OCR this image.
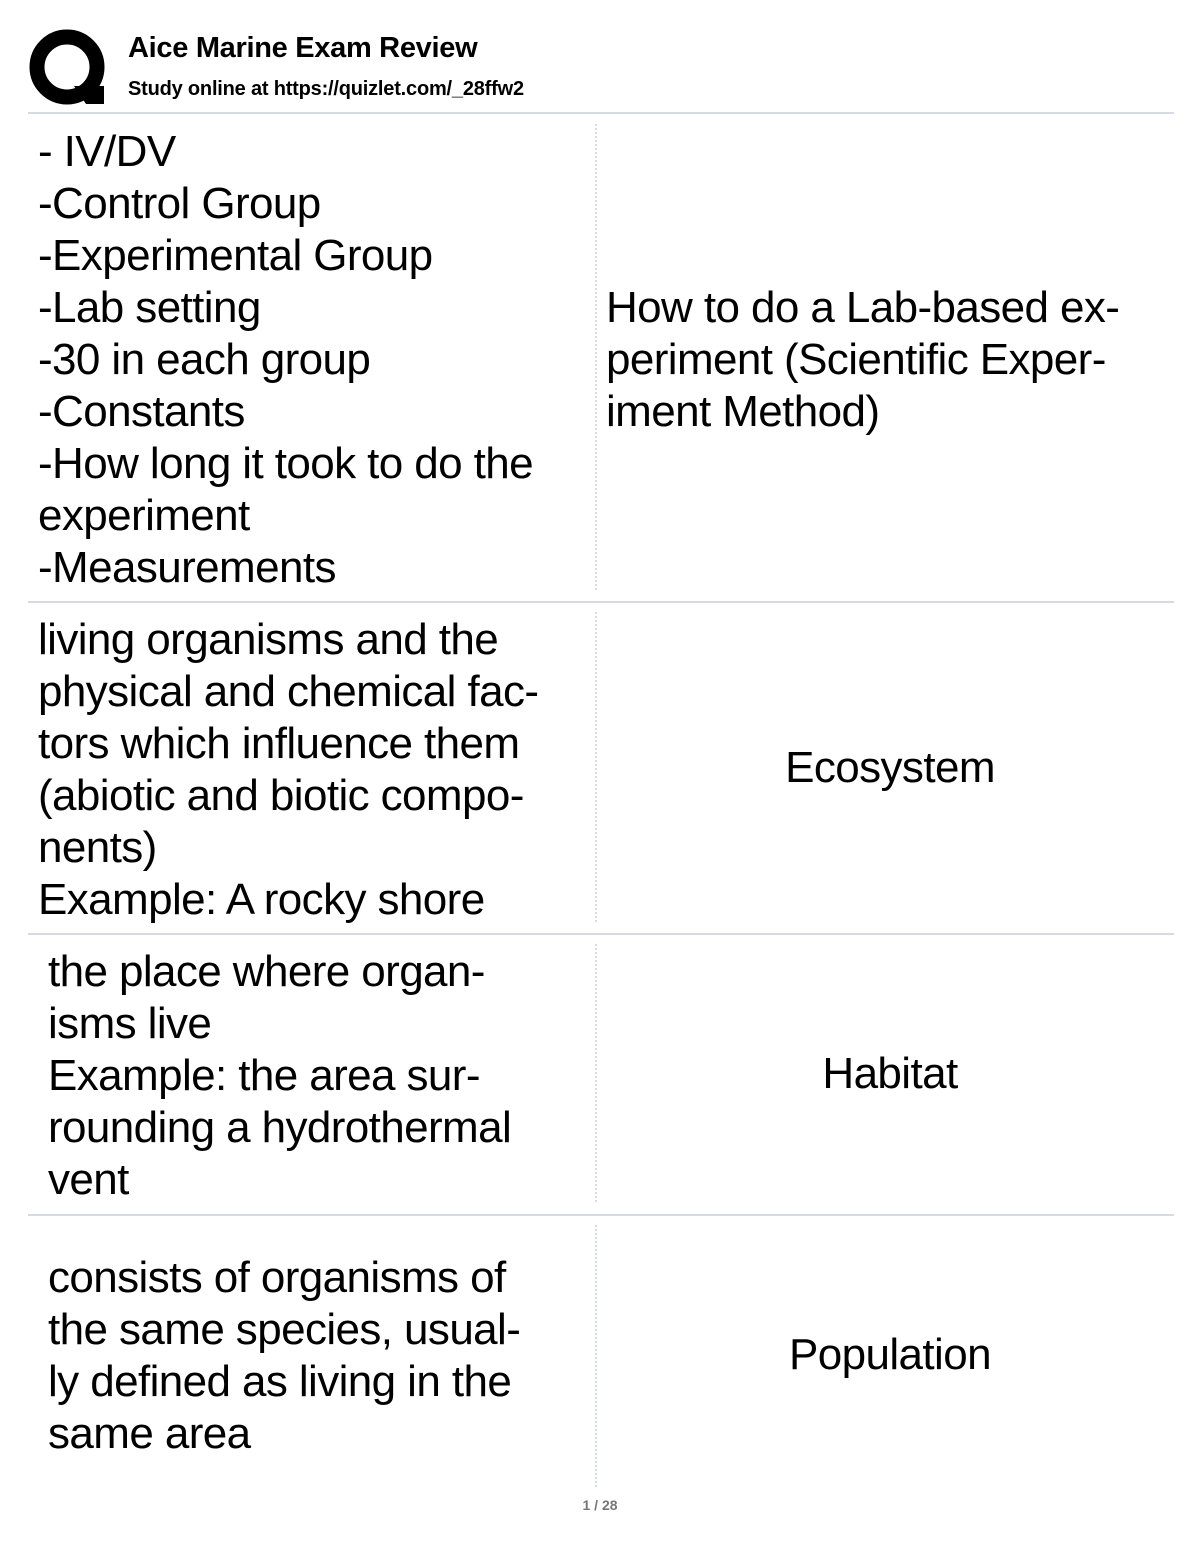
Aice Marine Exam Review
Study online at https://quizlet.com/_28ffw2
- IV/DV
-Control Group
-Experimental Group
-Lab setting
-30 in each group
-Constants
-How long it took to do the
experiment
-Measurements
How to do a Lab-based ex-
periment (Scientific Exper-
iment Method)
living organisms and the
physical and chemical fac-
tors which influence them
(abiotic and biotic compo-
nents)
Example: A rocky shore
Ecosystem
the place where organ-
isms live
Example: the area sur-
rounding a hydrothermal
vent
Habitat
consists of organisms of
the same species, usual-
ly defined as living in the
same area
Population
1 / 28
